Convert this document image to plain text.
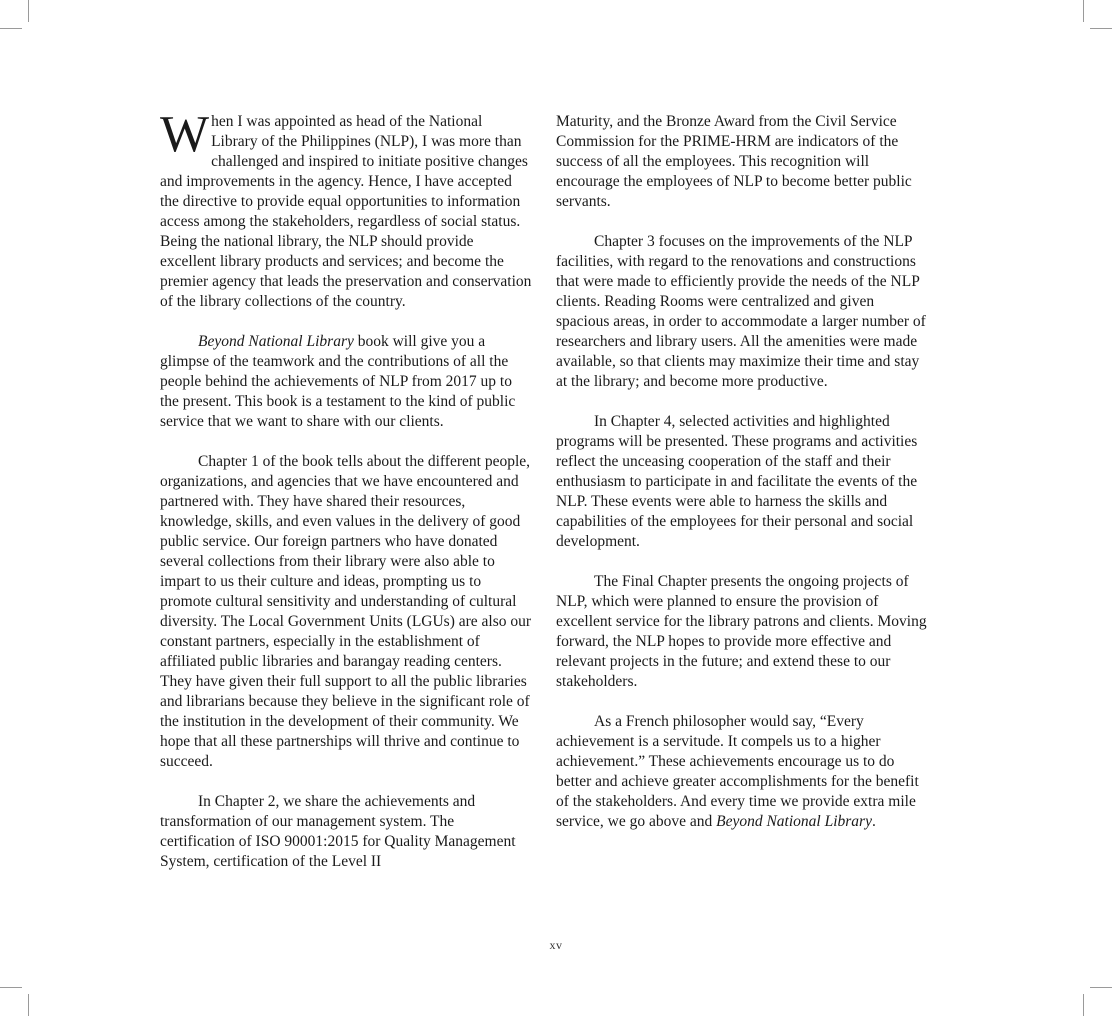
When I was appointed as head of the National
Library of the Philippines (NLP), I was more than challenged and inspired to initiate positive changes and improvements in the agency. Hence, I have accepted the directive to provide equal opportunities to information access among the stakeholders, regardless of social status. Being the national library, the NLP should provide excellent library products and services; and become the premier agency that leads the preservation and conservation of the library collections of the country.

Beyond National Library book will give you a glimpse of the teamwork and the contributions of all the people behind the achievements of NLP from 2017 up to the present. This book is a testament to the kind of public service that we want to share with our clients.

Chapter 1 of the book tells about the different people, organizations, and agencies that we have encountered and partnered with. They have shared their resources, knowledge, skills, and even values in the delivery of good public service. Our foreign partners who have donated several collections from their library were also able to impart to us their culture and ideas, prompting us to promote cultural sensitivity and understanding of cultural diversity. The Local Government Units (LGUs) are also our constant partners, especially in the establishment of affiliated public libraries and barangay reading centers. They have given their full support to all the public libraries and librarians because they believe in the significant role of the institution in the development of their community. We hope that all these partnerships will thrive and continue to succeed.

In Chapter 2, we share the achievements and transformation of our management system. The certification of ISO 90001:2015 for Quality Management System, certification of the Level II

Maturity, and the Bronze Award from the Civil Service Commission for the PRIME-HRM are indicators of the success of all the employees. This recognition will encourage the employees of NLP to become better public servants.

Chapter 3 focuses on the improvements of the NLP facilities, with regard to the renovations and constructions that were made to efficiently provide the needs of the NLP clients. Reading Rooms were centralized and given spacious areas, in order to accommodate a larger number of researchers and library users. All the amenities were made available, so that clients may maximize their time and stay at the library; and become more productive.

In Chapter 4, selected activities and highlighted programs will be presented. These programs and activities reflect the unceasing cooperation of the staff and their enthusiasm to participate in and facilitate the events of the NLP. These events were able to harness the skills and capabilities of the employees for their personal and social development.

The Final Chapter presents the ongoing projects of NLP, which were planned to ensure the provision of excellent service for the library patrons and clients. Moving forward, the NLP hopes to provide more effective and relevant projects in the future; and extend these to our stakeholders.

As a French philosopher would say, “Every achievement is a servitude. It compels us to a higher achievement.” These achievements encourage us to do better and achieve greater accomplishments for the benefit of the stakeholders. And every time we provide extra mile service, we go above and Beyond National Library.

xv
